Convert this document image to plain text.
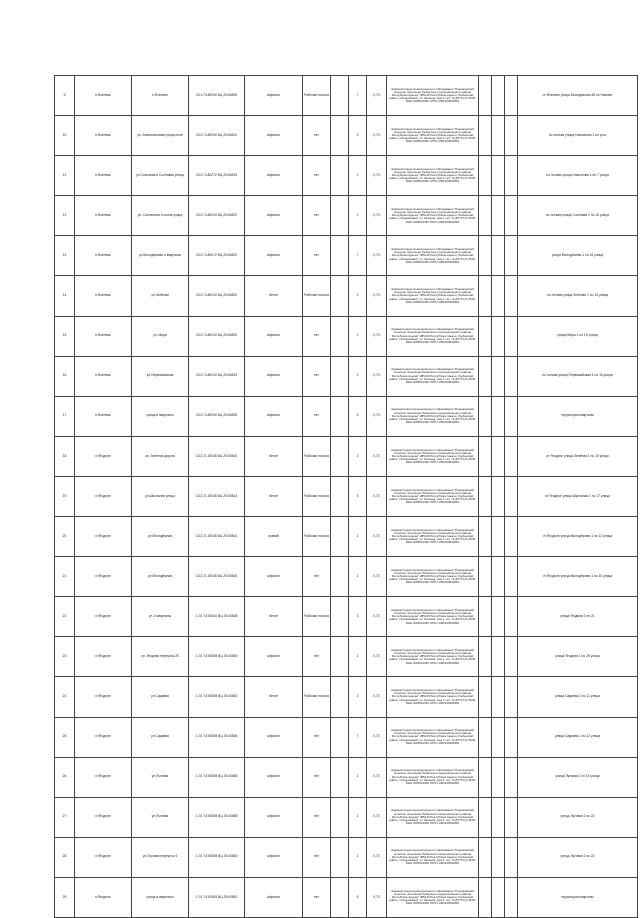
9	п.Ясенево	п.Ясенево	С01:74:80040 ВЦ 25:00808	асфальт	Рабочая полоса		7	0,73	Администрация муниципального образования "Родниковский сельское поселение Рыбинского муниципального района Республики Адыгея" 385140 Республика Адыгея, Рыбинский район, п.Родниковый, ул. Зеленая, дом 1 тел.: 8-(87772) 9-45-81 ИНН 0105012345 ОГРН 1050100523581				от Ясенево улица Молодежная 28 по Нижнее
10	п.Ясенево	ул. Апельсиновая улица поле	С02:74:80040 ВЦ 25:00810	асфальт	нет		3	0,73	Администрация муниципального образования "Родниковский сельское поселение Рыбинского муниципального района Республики Адыгея" 385140 Республика Адыгея, Рыбинский район, п.Родниковый, ул. Зеленая, дом 1 тел.: 8-(87772) 9-45-81 ИНН 0105012345 ОГРН 1050100523581				по лоткам улица Новоселки 1 по угол
11	п.Ясенево	ул.Сосновая и Сосновая улица	С02:74:80272 ВЦ 25:00815	асфальт	нет		1	0,73	Администрация муниципального образования "Родниковский сельское поселение Рыбинского муниципального района Республики Адыгея" 385140 Республика Адыгея, Рыбинский район, п.Родниковый, ул. Зеленая, дом 1 тел.: 8-(87772) 9-45-81 ИНН 0105012345 ОГРН 1050100523581				по лоткам улица Новоселки 1 по 7 улица
12	п.Ясенево	ул. Солнечная и сосна улица	С02:74:80034 ВЦ 25:00820	асфальт	нет		1	0,73	Администрация муниципального образования "Родниковский сельское поселение Рыбинского муниципального района Республики Адыгея" 385140 Республика Адыгея, Рыбинский район, п.Родниковый, ул. Зеленая, дом 1 тел.: 8-(87772) 9-45-81 ИНН 0105012345 ОГРН 1050100523581				по лоткам улица Сосновая 1 по 15 улица
13	п.Ясенево	ул.Молодёжная и кварталы	С02:74:80072 ВЦ 25:00822	асфальт	нет		7	0,73	Администрация муниципального образования "Родниковский сельское поселение Рыбинского муниципального района Республики Адыгея" 385140 Республика Адыгея, Рыбинский район, п.Родниковый, ул. Зеленая, дом 1 тел.: 8-(87772) 9-45-81 ИНН 0105012345 ОГРН 1050100523581				улица Молодёжная 1 по 16 улица
14	п.Ясенево	ул.Зелёная	С02:74:80010 ВЦ 25:00825	бетон	Рабочая полоса		2	0,73	Администрация муниципального образования "Родниковский сельское поселение Рыбинского муниципального района Республики Адыгея" 385140 Республика Адыгея, Рыбинский район, п.Родниковый, ул. Зеленая, дом 1 тел.: 8-(87772) 9-45-81 ИНН 0105012345 ОГРН 1050100523581				по лоткам улица Зелёная 1 по 15 улица
15	п.Ясенево	ул. Мира	С02:74:80010 ВЦ 25:00830	асфальт	нет		1	0,73	Администрация муниципального образования "Родниковский сельское поселение Рыбинского муниципального района Республики Адыгея" 385140 Республика Адыгея, Рыбинский район, п.Родниковый, ул. Зеленая, дом 1 тел.: 8-(87772) 9-45-81 ИНН 0105012345 ОГРН 1050100523581				улица Мира 1 по 15 улица
16	п.Ясенево	ул.Первомайская	С02:74:80010 ВЦ 25:00833	асфальт	нет		2	0,73	Администрация муниципального образования "Родниковский сельское поселение Рыбинского муниципального района Республики Адыгея" 385140 Республика Адыгея, Рыбинский район, п.Родниковый, ул. Зеленая, дом 1 тел.: 8-(87772) 9-45-81 ИНН 0105012345 ОГРН 1050100523581				по лоткам улица Первомайская 1 по 15 улица
17	п.Ясенево	улица и кварталы	С02:74:80040 ВЦ 25:00838	асфальт	нет		5	0,73	Администрация муниципального образования "Родниковский сельское поселение Рыбинского муниципального района Республики Адыгея" 385140 Республика Адыгея, Рыбинский район, п.Родниковый, ул. Зеленая, дом 1 тел.: 8-(87772) 9-45-81 ИНН 0105012345 ОГРН 1050100523581				территория кварталы
18	п.Ягодное	ул. Зелёная дорога	С02:71:20045 ВЦ 25:00840	бетон	Рабочая полоса		2	0,73	Администрация муниципального образования "Родниковский сельское поселение Рыбинского муниципального района Республики Адыгея" 385140 Республика Адыгея, Рыбинский район, п.Родниковый, ул. Зеленая, дом 1 тел.: 8-(87772) 9-45-81 ИНН 0105012345 ОГРН 1050100523581				от Ягодное улица Зелёная 1 по 15 улица
19	п.Ягодное	ул.Школьная улица	С02:71:20045 ВЦ 25:00842	бетон	Рабочая полоса		4	0,73	Администрация муниципального образования "Родниковский сельское поселение Рыбинского муниципального района Республики Адыгея" 385140 Республика Адыгея, Рыбинский район, п.Родниковый, ул. Зеленая, дом 1 тел.: 8-(87772) 9-45-81 ИНН 0105012345 ОГРН 1050100523581				от Ягодное улица Школьная 1 по 17 улица
20	п.Ягодное	ул.Молодёжная	С02:71:20045 ВЦ 25:00844	гравий	Рабочая полоса		1	0,73	Администрация муниципального образования "Родниковский сельское поселение Рыбинского муниципального района Республики Адыгея" 385140 Республика Адыгея, Рыбинский район, п.Родниковый, ул. Зеленая, дом 1 тел.: 8-(87772) 9-45-81 ИНН 0105012345 ОГРН 1050100523581				от Ягодное улица Молодёжная 1 по 12 улица
21	п.Ягодное	ул.Молодёжная	С02:71:20045 ВЦ 25:00846	асфальт	нет		1	0,73	Администрация муниципального образования "Родниковский сельское поселение Рыбинского муниципального района Республики Адыгея" 385140 Республика Адыгея, Рыбинский район, п.Родниковый, ул. Зеленая, дом 1 тел.: 8-(87772) 9-45-81 ИНН 0105012345 ОГРН 1050100523581				от Ягодное улица Молодёжная 1 по 20 улица
22	п.Ягодное	ул. и кварталы	С 01 74:80010 ВЦ 25:00848	бетон	Рабочая полоса		3	0,73	Администрация муниципального образования "Родниковский сельское поселение Рыбинского муниципального района Республики Адыгея" 385140 Республика Адыгея, Рыбинский район, п.Родниковый, ул. Зеленая, дом 1 тел.: 8-(87772) 9-45-81 ИНН 0105012345 ОГРН 1050100523581				улица Ягодная 1 по 21
23	п.Ягодное	ул. Ягодная переулок 25	С 01 74:80045 ВЦ 25:00850	асфальт	нет		1	0,73	Администрация муниципального образования "Родниковский сельское поселение Рыбинского муниципального района Республики Адыгея" 385140 Республика Адыгея, Рыбинский район, п.Родниковый, ул. Зеленая, дом 1 тел.: 8-(87772) 9-45-81 ИНН 0105012345 ОГРН 1050100523581				улица Ягодная 1 по 25 улица
24	п.Ягодное	ул.Садовая	С 01 74:80045 ВЦ 25:00852	бетон	Рабочая полоса		2	0,73	Администрация муниципального образования "Родниковский сельское поселение Рыбинского муниципального района Республики Адыгея" 385140 Республика Адыгея, Рыбинский район, п.Родниковый, ул. Зеленая, дом 1 тел.: 8-(87772) 9-45-81 ИНН 0105012345 ОГРН 1050100523581				улица Садовая 1 по 11 улица
25	п.Ягодное	ул.Садовая	С 01 74:80045 ВЦ 25:00854	асфальт	нет		7	0,73	Администрация муниципального образования "Родниковский сельское поселение Рыбинского муниципального района Республики Адыгея" 385140 Республика Адыгея, Рыбинский район, п.Родниковый, ул. Зеленая, дом 1 тел.: 8-(87772) 9-45-81 ИНН 0105012345 ОГРН 1050100523581				улица Садовая 1 по 22 улица
26	п.Ягодное	ул.Луговая	С 01 74:80045 ВЦ 25:00856	асфальт	нет		1	0,73	Администрация муниципального образования "Родниковский сельское поселение Рыбинского муниципального района Республики Адыгея" 385140 Республика Адыгея, Рыбинский район, п.Родниковый, ул. Зеленая, дом 1 тел.: 8-(87772) 9-45-81 ИНН 0105012345 ОГРН 1050100523581				улица Луговая 1 по 15 улица
27	п.Ягодное	ул.Луговая	С 01 74:80045 ВЦ 25:00858	асфальт	нет		1	0,73	Администрация муниципального образования "Родниковский сельское поселение Рыбинского муниципального района Республики Адыгея" 385140 Республика Адыгея, Рыбинский район, п.Родниковый, ул. Зеленая, дом 1 тел.: 8-(87772) 9-45-81 ИНН 0105012345 ОГРН 1050100523581				улица Луговая 1 по 22
28	п.Ягодное	ул.Луговая переулок 4	С 01 74:80045 ВЦ 25:00860	асфальт	нет		1	0,73	Администрация муниципального образования "Родниковский сельское поселение Рыбинского муниципального района Республики Адыгея" 385140 Республика Адыгея, Рыбинский район, п.Родниковый, ул. Зеленая, дом 1 тел.: 8-(87772) 9-45-81 ИНН 0105012345 ОГРН 1050100523581				улица Луговая 1 по 22
29	п.Ягодное	улица и кварталы	С 01 74:80045 ВЦ 25:00862	асфальт	нет		5	0,73	Администрация муниципального образования "Родниковский сельское поселение Рыбинского муниципального района Республики Адыгея" 385140 Республика Адыгея, Рыбинский район, п.Родниковый, ул. Зеленая, дом 1 тел.: 8-(87772) 9-45-81 ИНН 0105012345 ОГРН 1050100523581				территория кварталы
